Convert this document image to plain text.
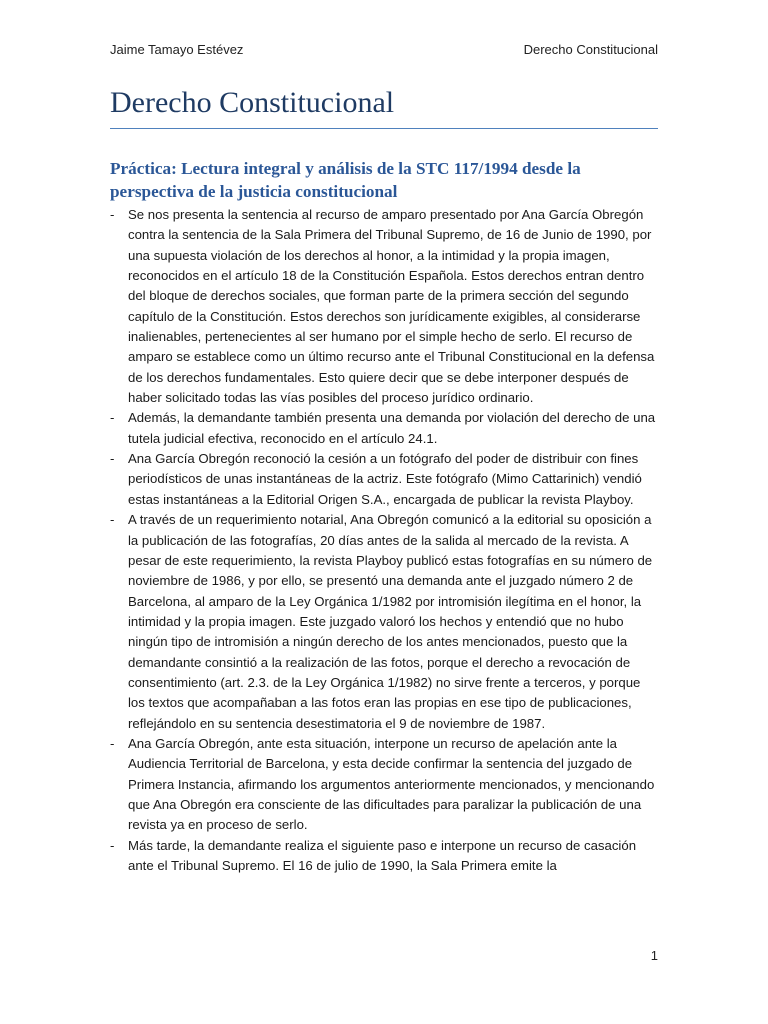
Jaime Tamayo Estévez	Derecho Constitucional
Derecho Constitucional
Práctica: Lectura integral y análisis de la STC 117/1994 desde la perspectiva de la justicia constitucional
- Se nos presenta la sentencia al recurso de amparo presentado por Ana García Obregón contra la sentencia de la Sala Primera del Tribunal Supremo, de 16 de Junio de 1990, por una supuesta violación de los derechos al honor, a la intimidad y la propia imagen, reconocidos en el artículo 18 de la Constitución Española. Estos derechos entran dentro del bloque de derechos sociales, que forman parte de la primera sección del segundo capítulo de la Constitución. Estos derechos son jurídicamente exigibles, al considerarse inalienables, pertenecientes al ser humano por el simple hecho de serlo. El recurso de amparo se establece como un último recurso ante el Tribunal Constitucional en la defensa de los derechos fundamentales. Esto quiere decir que se debe interponer después de haber solicitado todas las vías posibles del proceso jurídico ordinario.
- Además, la demandante también presenta una demanda por violación del derecho de una tutela judicial efectiva, reconocido en el artículo 24.1.
- Ana García Obregón reconoció la cesión a un fotógrafo del poder de distribuir con fines periodísticos de unas instantáneas de la actriz. Este fotógrafo (Mimo Cattarinich) vendió estas instantáneas a la Editorial Origen S.A., encargada de publicar la revista Playboy.
- A través de un requerimiento notarial, Ana Obregón comunicó a la editorial su oposición a la publicación de las fotografías, 20 días antes de la salida al mercado de la revista. A pesar de este requerimiento, la revista Playboy publicó estas fotografías en su número de noviembre de 1986, y por ello, se presentó una demanda ante el juzgado número 2 de Barcelona, al amparo de la Ley Orgánica 1/1982 por intromisión ilegítima en el honor, la intimidad y la propia imagen. Este juzgado valoró los hechos y entendió que no hubo ningún tipo de intromisión a ningún derecho de los antes mencionados, puesto que la demandante consintió a la realización de las fotos, porque el derecho a revocación de consentimiento (art. 2.3. de la Ley Orgánica 1/1982) no sirve frente a terceros, y porque los textos que acompañaban a las fotos eran las propias en ese tipo de publicaciones, reflejándolo en su sentencia desestimatoria el 9 de noviembre de 1987.
- Ana García Obregón, ante esta situación, interpone un recurso de apelación ante la Audiencia Territorial de Barcelona, y esta decide confirmar la sentencia del juzgado de Primera Instancia, afirmando los argumentos anteriormente mencionados, y mencionando que Ana Obregón era consciente de las dificultades para paralizar la publicación de una revista ya en proceso de serlo.
- Más tarde, la demandante realiza el siguiente paso e interpone un recurso de casación ante el Tribunal Supremo. El 16 de julio de 1990, la Sala Primera emite la
1
